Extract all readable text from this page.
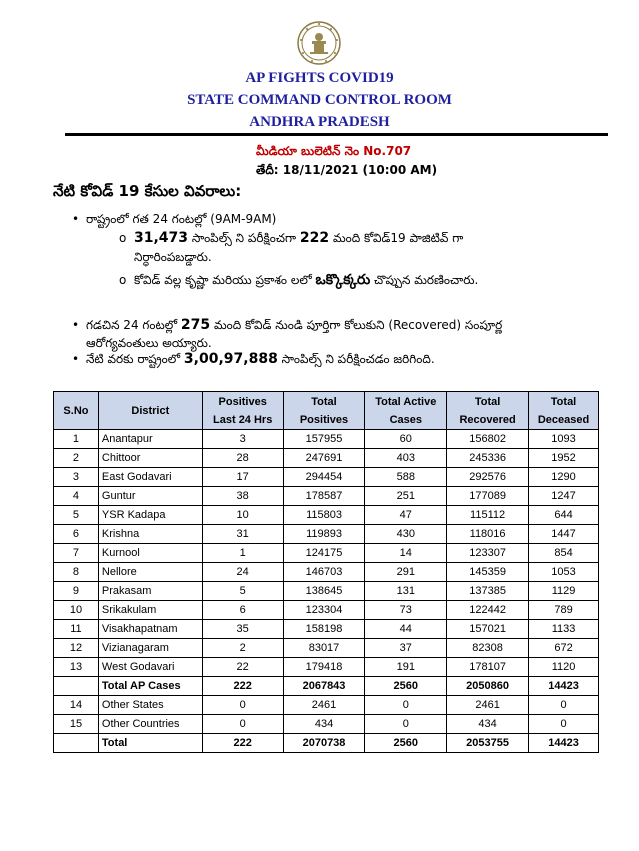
AP FIGHTS COVID19
STATE COMMAND CONTROL ROOM
ANDHRA PRADESH
మీడియా బులెటిన్ నెం No.707
తేదీ: 18/11/2021 (10:00 AM)
నేటి కోవిడ్ 19 కేసుల వివరాలు:
• రాష్ట్రంలో గత 24 గంటల్లో (9AM-9AM)
o 31,473 సాంపిల్స్ ని పరీక్షించగా 222 మంది కోవిడ్19 పాజిటివ్ గా
నిర్ధారింపబడ్డారు.
o కోవిడ్ వల్ల కృష్ణా మరియు ప్రకాశం లలో ఒక్కొక్కరు చొప్పున మరణించారు.
• గడచిన 24 గంటల్లో 275 మంది కోవిడ్ నుండి పూర్తిగా కోలుకుని (Recovered) సంపూర్ణ
ఆరోగ్యవంతులు అయ్యారు.
• నేటి వరకు రాష్ట్రంలో 3,00,97,888 సాంపిల్స్ ని పరీక్షించడం జరిగింది.
S.No	District	Positives Last 24 Hrs	Total Positives	Total Active Cases	Total Recovered	Total Deceased
1	Anantapur	3	157955	60	156802	1093
2	Chittoor	28	247691	403	245336	1952
3	East Godavari	17	294454	588	292576	1290
4	Guntur	38	178587	251	177089	1247
5	YSR Kadapa	10	115803	47	115112	644
6	Krishna	31	119893	430	118016	1447
7	Kurnool	1	124175	14	123307	854
8	Nellore	24	146703	291	145359	1053
9	Prakasam	5	138645	131	137385	1129
10	Srikakulam	6	123304	73	122442	789
11	Visakhapatnam	35	158198	44	157021	1133
12	Vizianagaram	2	83017	37	82308	672
13	West Godavari	22	179418	191	178107	1120
	Total AP Cases	222	2067843	2560	2050860	14423
14	Other States	0	2461	0	2461	0
15	Other Countries	0	434	0	434	0
	Total	222	2070738	2560	2053755	14423
